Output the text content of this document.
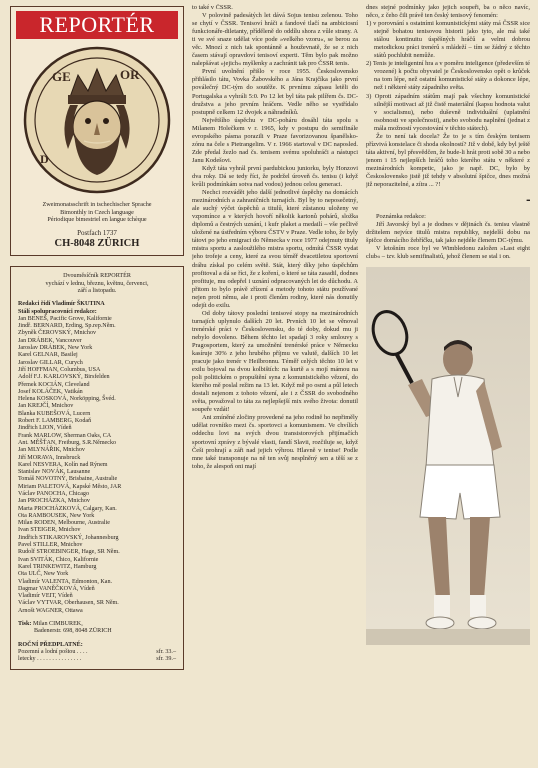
REPORTÉR
GE	OR
D
Zweimonatsschrift in tschechischer Sprache
Bimonthly in Czech language
Périodique bimestriel en langue tchèque
Postfach 1737
CH-8048 ZÜRICH
Dvouměsíčník REPORTÉR
vychází v lednu, březnu, květnu, červenci,
září a listopadu.
Redakci řídí Vladimír ŠKUTINA
Stálí spolupracovníci redakce:
Jan BENEŠ, Pacific Grove, Kalifornie
Jindř. BERNARD, Erding, Sp.rep.Něm.
Zbyněk ČEROVSKÝ, Mnichov
Jan DRÁBEK, Vancouver
Jaroslav DRÁBEK, New York
Karel GELNAR, Basilej
Jaroslav GILLAR, Curych
Jiří HOFFMAN, Columbus, USA
Adolf F.J. KARLOVSKÝ, Birsfelden
Přemek KOCIÁN, Cleveland
Josef KOLÁČEK, Vatikán
Helena KOSKOVÁ, Norköpping, Švéd.
Jan KREJČÍ, Mnichov
Blanka KUBEŠOVÁ, Lucern
Robert F. LAMBERG, Kodaň
Jindřich LION, Vídeň
Frank MARLOW, Sherman Oaks, CA
Ant. MĚŠŤAN, Freiburg, S.R.Německo
Jan MLYNÁŘIK, Mnichov
Jiří MORAVA, Innsbruck
Karel NESVERA, Kolín nad Rýnem
Stanislav NOVÁK, Lausanne
Tomáš NOVOTNÝ, Brisbaine, Australie
Miriam PALETOVÁ, Kapské Město, JAR
Václav PANOCHA, Chicago
Jan PROCHÁZKA, Mnichov
Marta PROCHÁZKOVÁ, Calgary, Kan.
Ota RAMBOUSEK, New York
Milan RODEN, Melbourne, Australie
Ivan STEIGER, Mnichov
Jindřich STIKAROVSKÝ, Johannesburg
Pavel STILLER, Mnichov
Rudolf STROEBINGER, Hage, SR Něm.
Ivan SVITÁK, Chico, Kalifornie
Karel TRINKEWITZ, Hamburg
Ota ULČ, New York
Vladimír VALENTA, Edmonton, Kan.
Dagmar VANĚČKOVÁ, Vídeň
Vladimír VEIT, Vídeň
Václav VYTVAR, Oberhausen, SR Něm.
Arnošt WAGNER, Ottawa
Tisk: Milan CIMBUREK,
Badenerstr. 698, 8048 ZÜRICH
ROČNÍ PŘEDPLATNÉ:
Pozemní a lodní poštou . . . .	sfr. 33.–
letecky . . . . . . . . . . . . . . .	sfr. 39.–

to také v ČSSR.

V polovině padesátých let dává Sojus tenisu zelenou. Toho se chytí v ČSSR. Tenisoví hráči a fandové tlačí na ambiciosní funkcionáře-diletanty, příděleně do oddílu shora z vůle strany. A ti ve své snaze udělat více pode »velkého vzoru«, se berou za věc. Mnozí z nich tak spontánně a houževnatě, že se z nich časem stávají opravdoví tenisoví experti. Těm bylo pak možno nalepšávat »jejich« myšlenky a zachránit tak pro ČSSR tenis.

První uvolnění přišlo v roce 1955. Československo přihlásilo tátu, Vovka Žabovského a Jána Krajčíka jako první poválečný DC-tým do soutěže. K prvnímu zápasu letěli do Portugalska a vyhráli 5:0. Po 12 let byl táta pak pilířem čs. DC-družstva a jeho prvním hráčem. Vedle něho se vystřídalo postupně celkem 12 dvojek a náhradníků.

Největšího úspěchu v DC-poháru dosáhl táta spolu s Milanem Holečkem v r. 1965, kdy v postupu do semifinále evropského pásma porazili v Praze favorizovanou španělsko-zónu na čele s Pietrangelim. V r. 1966 startoval v DC naposled. Zde předal žezlo nad čs. tenisem svému spoluhráči a nástupci Janu Kodešovi.

Když táta vyhrál první pardubickou juniorku, byly Honzovi dva roky. Dá se tedy říci, že podržel úroveň čs. tenisu (i když kvůli podmínkám sotva nad vodou) jednou celou generaci.

Nechci rozvádět jeho další jednotlivé úspěchy na domácích mezinárodních a zahraničních turnajích. Byl by to neposečetný, ale suchý výčet úspěchů a titulů, které zůstanou uloženy ve vzpomínce a v kterých hovoří několik kartonů pohárů, složka diplomů a čestných uznání, i kufr plaket a medailí – vše pečlivě uložené na ústředním výboru ČSTV v Praze. Vedle toho, že byly tátovi po jeho emigraci do Německa v roce 1977 odejmuty tituly mistra sportu a zasloužilého mistra sportu, odmítá ČSSR vydat jeho trofeje a ceny, které za svou téměř dvacetiletou sportovní dráhu získal po celém světě. Stát, který díky jeho úspěchům profitoval a dá se říci, že z koření, o které se táta zasadil, dodnes profituje, mu odepřel i uznání odpracovaných let do důchodu. A přitom to bylo právě zřízení a metody tohoto státu používané nejen proti němu, ale i proti členům rodiny, které nás donutily odejít do exilu.

Od doby tátovy poslední tenisové stopy na mezinárodních turnajích uplynulo dalších 20 let. Prvních 10 let se věnoval trenérské práci v Československu, do té doby, dokud mu ji nebylo dovoleno. Během těchto let spadají 3 roky smlouvy s Pragosportem, který za umožnění trenérské práce v Německu kasíruje 30% z jeho hrubého příjmu ve valutě, dalších 10 let pracuje jako trenér v Heilbronnu. Téměř celých těchto 10 let v exilu bojoval na dvou kolbištích: na kurtě a s mojí mámou na poli politickém o propuštění syna z komunistického vězení, do kterého mě poslal režim na 13 let. Když mě po osmi a půl letech dostali nejenom z tohoto vězení, ale i z ČSSR do svobodného světa, považoval to táta za nejlepšejší mix svého života: donutil soupeře vzdát!

Ani zmíněné zločiny provedené na jeho rodině ho nepřiměly udělat rovnítko mezi čs. sportovci a komunismem. Ve chvílích oddechu lovi na svých dvou transistorových přijímačích sportovní zprávy z bývalé vlasti, fandí Slavii, rozčiluje se, když Češi prohrají a záři nad jejich výhrou. Hlavně v tenise! Podle mne také transponuje na ně ten svůj nesplněný sen a těší se z toho, že alespoň oni mají

dnes stejné podmínky jako jejich soupeři, ba o něco navíc, něco, z čeho čili právě ten český tenisový fenomén:

1) v porovnání s ostatními komunistickými státy má ČSSR sice stejně bohatou tenisovou historii jako tyto, ale má také stálou kontinuitu úspěšných hráčů a velmi dobrou metodickou práci trenérů s mládeží – tím se žádný z těchto států pochlubit nemůže.
2) Tenis je inteligentní hra a v poměru inteligence (především té vrozené) k počtu obyvatel je Československo opět o krůček na tom lépe, než ostatní komunistické státy a dokonce lépe, než i některé státy západního světa.
3) Oproti západním státům mají pak všechny komunistické silnější motivaci až již čistě materiální (kapsu hodnota valut v socialismu), nebo duševně individuální (uplatnění osobnosti ve společnosti), anebo svobodu naplnění (jednat z mála možností vycestování v těchto státech).

Že to není tak docela? Že to je s tím českým tenisem přízvivá konstelace či shoda okolností? Již v době, kdy byl ještě táta aktivní, byl přesvědčen, že bude-li hrát proti sobě 30 a nebo jenom i 15 nejlepších hráčů toho kterého státu v některé z mezinárodních kompetic, jako je např. DC, bylo by Československo jistě již tehdy v absolutní špičce, dnes možná již neporazitelné, a zítra ... ?!

▪▪▪▪

Poznámka redakce:

Jiří Javorský byl a je dodnes v dějinách čs. tenisu vlastně držitelem nejvíce titulů mistra republiky, nejdelší dobu na špičce domácího žebříčku, tak jako nejdéle členem DC-týmu.

V letošním roce byl ve Wimbledonu založen »Last eight club« – tzv. klub semifinalistů, jehož členem se stal i on.
